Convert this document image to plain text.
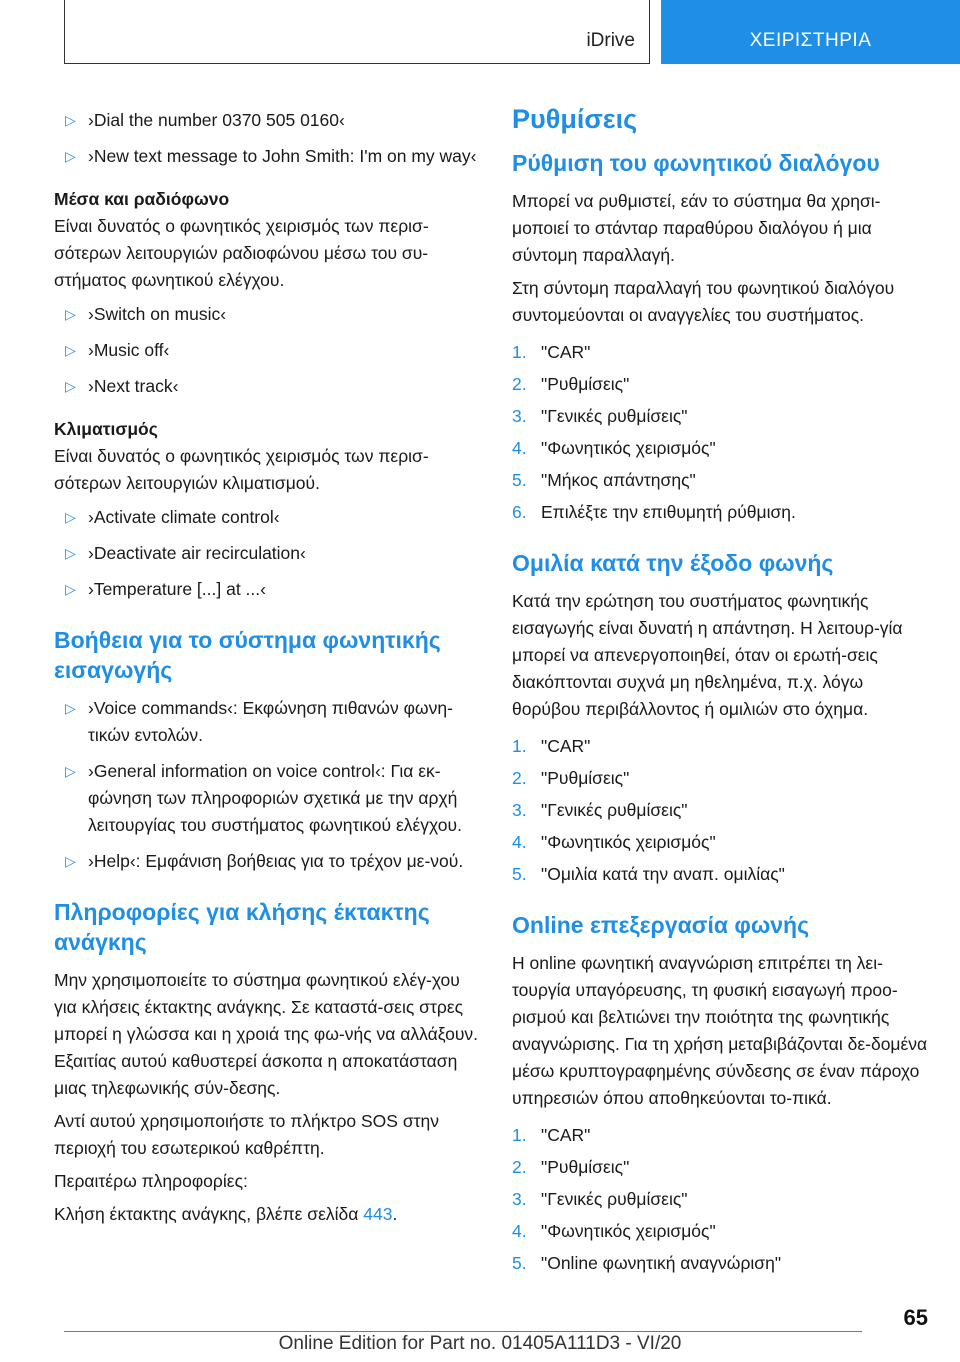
iDrive	ΧΕΙΡΙΣΤΗΡΙΑ
▷ ›Dial the number 0370 505 0160‹
▷ ›New text message to John Smith: I'm on my way‹
Μέσα και ραδιόφωνο

Είναι δυνατός ο φωνητικός χειρισμός των περισ‐σότερων λειτουργιών ραδιοφώνου μέσω του συ‐στήματος φωνητικού ελέγχου.

▷ ›Switch on music‹
▷ ›Music off‹
▷ ›Next track‹
Κλιματισμός

Είναι δυνατός ο φωνητικός χειρισμός των περισ‐σότερων λειτουργιών κλιματισμού.

▷ ›Activate climate control‹
▷ ›Deactivate air recirculation‹
▷ ›Temperature [...] at ...‹
Βοήθεια για το σύστημα φωνητικής εισαγωγής
▷ ›Voice commands‹: Εκφώνηση πιθανών φωνη‐τικών εντολών.
▷ ›General information on voice control‹: Για εκ‐φώνηση των πληροφοριών σχετικά με την αρχή λειτουργίας του συστήματος φωνητικού ελέγχου.
▷ ›Help‹: Εμφάνιση βοήθειας για το τρέχον με‐νού.
Πληροφορίες για κλήσης έκτακτης ανάγκης

Μην χρησιμοποιείτε το σύστημα φωνητικού ελέγ‐χου για κλήσεις έκτακτης ανάγκης. Σε καταστά‐σεις στρες μπορεί η γλώσσα και η χροιά της φω‐νής να αλλάξουν. Εξαιτίας αυτού καθυστερεί άσκοπα η αποκατάσταση μιας τηλεφωνικής σύν‐δεσης.

Αντί αυτού χρησιμοποιήστε το πλήκτρο SOS στην περιοχή του εσωτερικού καθρέπτη.

Περαιτέρω πληροφορίες:

Κλήση έκτακτης ανάγκης, βλέπε σελίδα 443.

Ρυθμίσεις
Ρύθμιση του φωνητικού διαλόγου

Μπορεί να ρυθμιστεί, εάν το σύστημα θα χρησι‐μοποιεί το στάνταρ παραθύρου διαλόγου ή μια σύντομη παραλλαγή.

Στη σύντομη παραλλαγή του φωνητικού διαλόγου συντομεύονται οι αναγγελίες του συστήματος.

1. "CAR"
2. "Ρυθμίσεις"
3. "Γενικές ρυθμίσεις"
4. "Φωνητικός χειρισμός"
5. "Μήκος απάντησης"
6. Επιλέξτε την επιθυμητή ρύθμιση.
Ομιλία κατά την έξοδο φωνής

Κατά την ερώτηση του συστήματος φωνητικής εισαγωγής είναι δυνατή η απάντηση. Η λειτουρ‐γία μπορεί να απενεργοποιηθεί, όταν οι ερωτή‐σεις διακόπτονται συχνά μη ηθελημένα, π.χ. λόγω θορύβου περιβάλλοντος ή ομιλιών στο όχημα.

1. "CAR"
2. "Ρυθμίσεις"
3. "Γενικές ρυθμίσεις"
4. "Φωνητικός χειρισμός"
5. "Ομιλία κατά την αναπ. ομιλίας"
Online επεξεργασία φωνής

Η online φωνητική αναγνώριση επιτρέπει τη λει‐τουργία υπαγόρευσης, τη φυσική εισαγωγή προο‐ρισμού και βελτιώνει την ποιότητα της φωνητικής αναγνώρισης. Για τη χρήση μεταβιβάζονται δε‐δομένα μέσω κρυπτογραφημένης σύνδεσης σε έναν πάροχο υπηρεσιών όπου αποθηκεύονται το‐πικά.

1. "CAR"
2. "Ρυθμίσεις"
3. "Γενικές ρυθμίσεις"
4. "Φωνητικός χειρισμός"
5. "Online φωνητική αναγνώριση"
65
Online Edition for Part no. 01405A111D3 - VI/20
